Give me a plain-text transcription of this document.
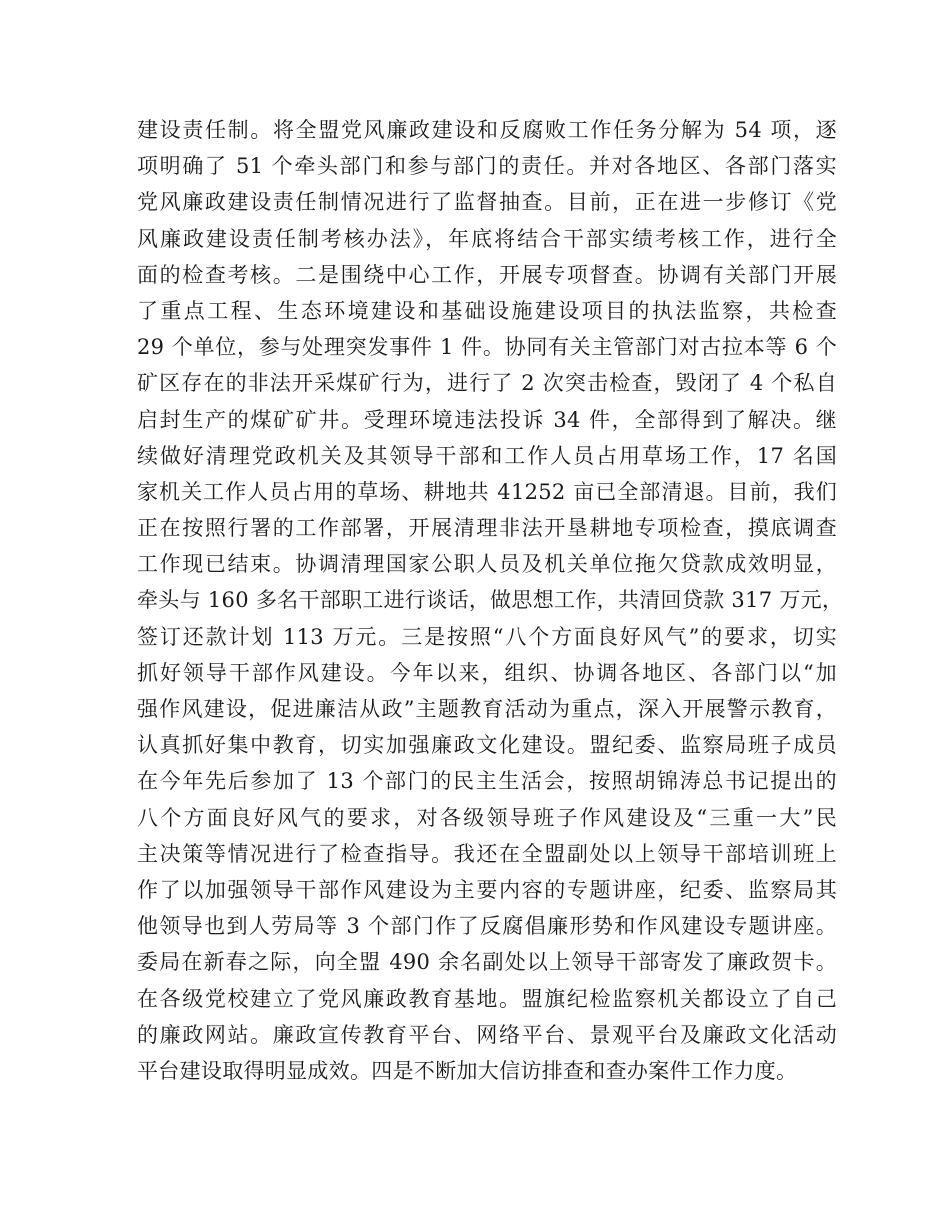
建设责任制。将全盟党风廉政建设和反腐败工作任务分解为 54 项，逐
项明确了 51 个牵头部门和参与部门的责任。并对各地区、各部门落实
党风廉政建设责任制情况进行了监督抽查。目前，正在进一步修订《党
风廉政建设责任制考核办法》，年底将结合干部实绩考核工作，进行全
面的检查考核。二是围绕中心工作，开展专项督查。协调有关部门开展
了重点工程、生态环境建设和基础设施建设项目的执法监察，共检查
29 个单位，参与处理突发事件 1 件。协同有关主管部门对古拉本等 6 个
矿区存在的非法开采煤矿行为，进行了 2 次突击检查，毁闭了 4 个私自
启封生产的煤矿矿井。受理环境违法投诉 34 件，全部得到了解决。继
续做好清理党政机关及其领导干部和工作人员占用草场工作，17 名国
家机关工作人员占用的草场、耕地共 41252 亩已全部清退。目前，我们
正在按照行署的工作部署，开展清理非法开垦耕地专项检查，摸底调查
工作现已结束。协调清理国家公职人员及机关单位拖欠贷款成效明显，
牵头与 160 多名干部职工进行谈话，做思想工作，共清回贷款 317 万元，
签订还款计划 113 万元。三是按照“八个方面良好风气”的要求，切实
抓好领导干部作风建设。今年以来，组织、协调各地区、各部门以“加
强作风建设，促进廉洁从政”主题教育活动为重点，深入开展警示教育，
认真抓好集中教育，切实加强廉政文化建设。盟纪委、监察局班子成员
在今年先后参加了 13 个部门的民主生活会，按照胡锦涛总书记提出的
八个方面良好风气的要求，对各级领导班子作风建设及“三重一大”民
主决策等情况进行了检查指导。我还在全盟副处以上领导干部培训班上
作了以加强领导干部作风建设为主要内容的专题讲座，纪委、监察局其
他领导也到人劳局等 3 个部门作了反腐倡廉形势和作风建设专题讲座。
委局在新春之际，向全盟 490 余名副处以上领导干部寄发了廉政贺卡。
在各级党校建立了党风廉政教育基地。盟旗纪检监察机关都设立了自己
的廉政网站。廉政宣传教育平台、网络平台、景观平台及廉政文化活动
平台建设取得明显成效。四是不断加大信访排查和查办案件工作力度。
